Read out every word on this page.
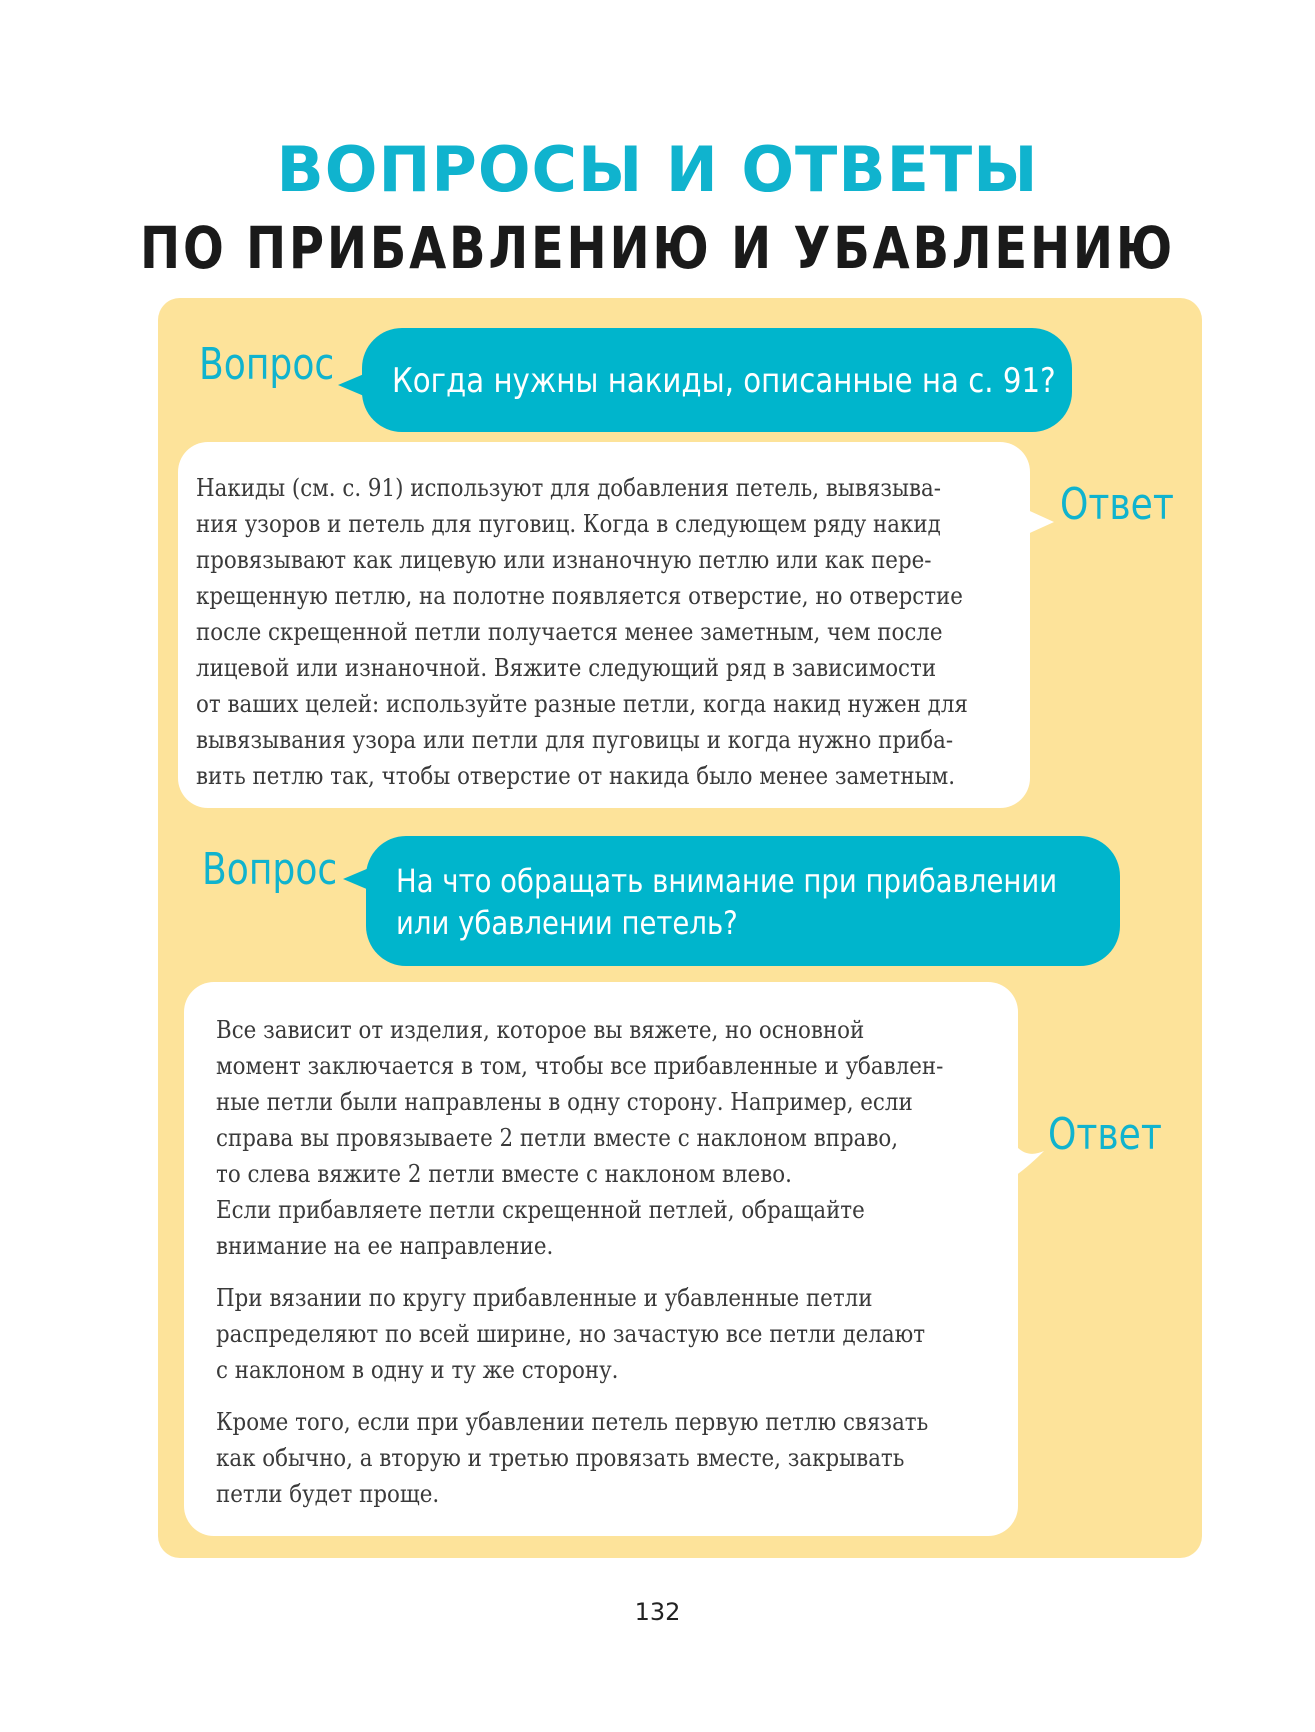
ВОПРОСЫ И ОТВЕТЫ
ПО ПРИБАВЛЕНИЮ И УБАВЛЕНИЮ
Вопрос Когда нужны накиды, описанные на с. 91?
Ответ

Накиды (см. с. 91) используют для добавления петель, вывязыва-

ния узоров и петель для пуговиц. Когда в следующем ряду накид

провязывают как лицевую или изнаночную петлю или как пере-

крещенную петлю, на полотне появляется отверстие, но отверстие

после скрещенной петли получается менее заметным, чем после

лицевой или изнаночной. Вяжите следующий ряд в зависимости

от ваших целей: используйте разные петли, когда накид нужен для

вывязывания узора или петли для пуговицы и когда нужно приба-

вить петлю так, чтобы отверстие от накида было менее заметным.

Вопрос На что обращать внимание при прибавлении
или убавлении петель?
Ответ

Все зависит от изделия, которое вы вяжете, но основной

момент заключается в том, чтобы все прибавленные и убавлен-

ные петли были направлены в одну сторону. Например, если

справа вы провязываете 2 петли вместе с наклоном вправо,

то слева вяжите 2 петли вместе с наклоном влево.

Если прибавляете петли скрещенной петлей, обращайте

внимание на ее направление.

При вязании по кругу прибавленные и убавленные петли

распределяют по всей ширине, но зачастую все петли делают

с наклоном в одну и ту же сторону.

Кроме того, если при убавлении петель первую петлю связать

как обычно, а вторую и третью провязать вместе, закрывать

петли будет проще.

132
